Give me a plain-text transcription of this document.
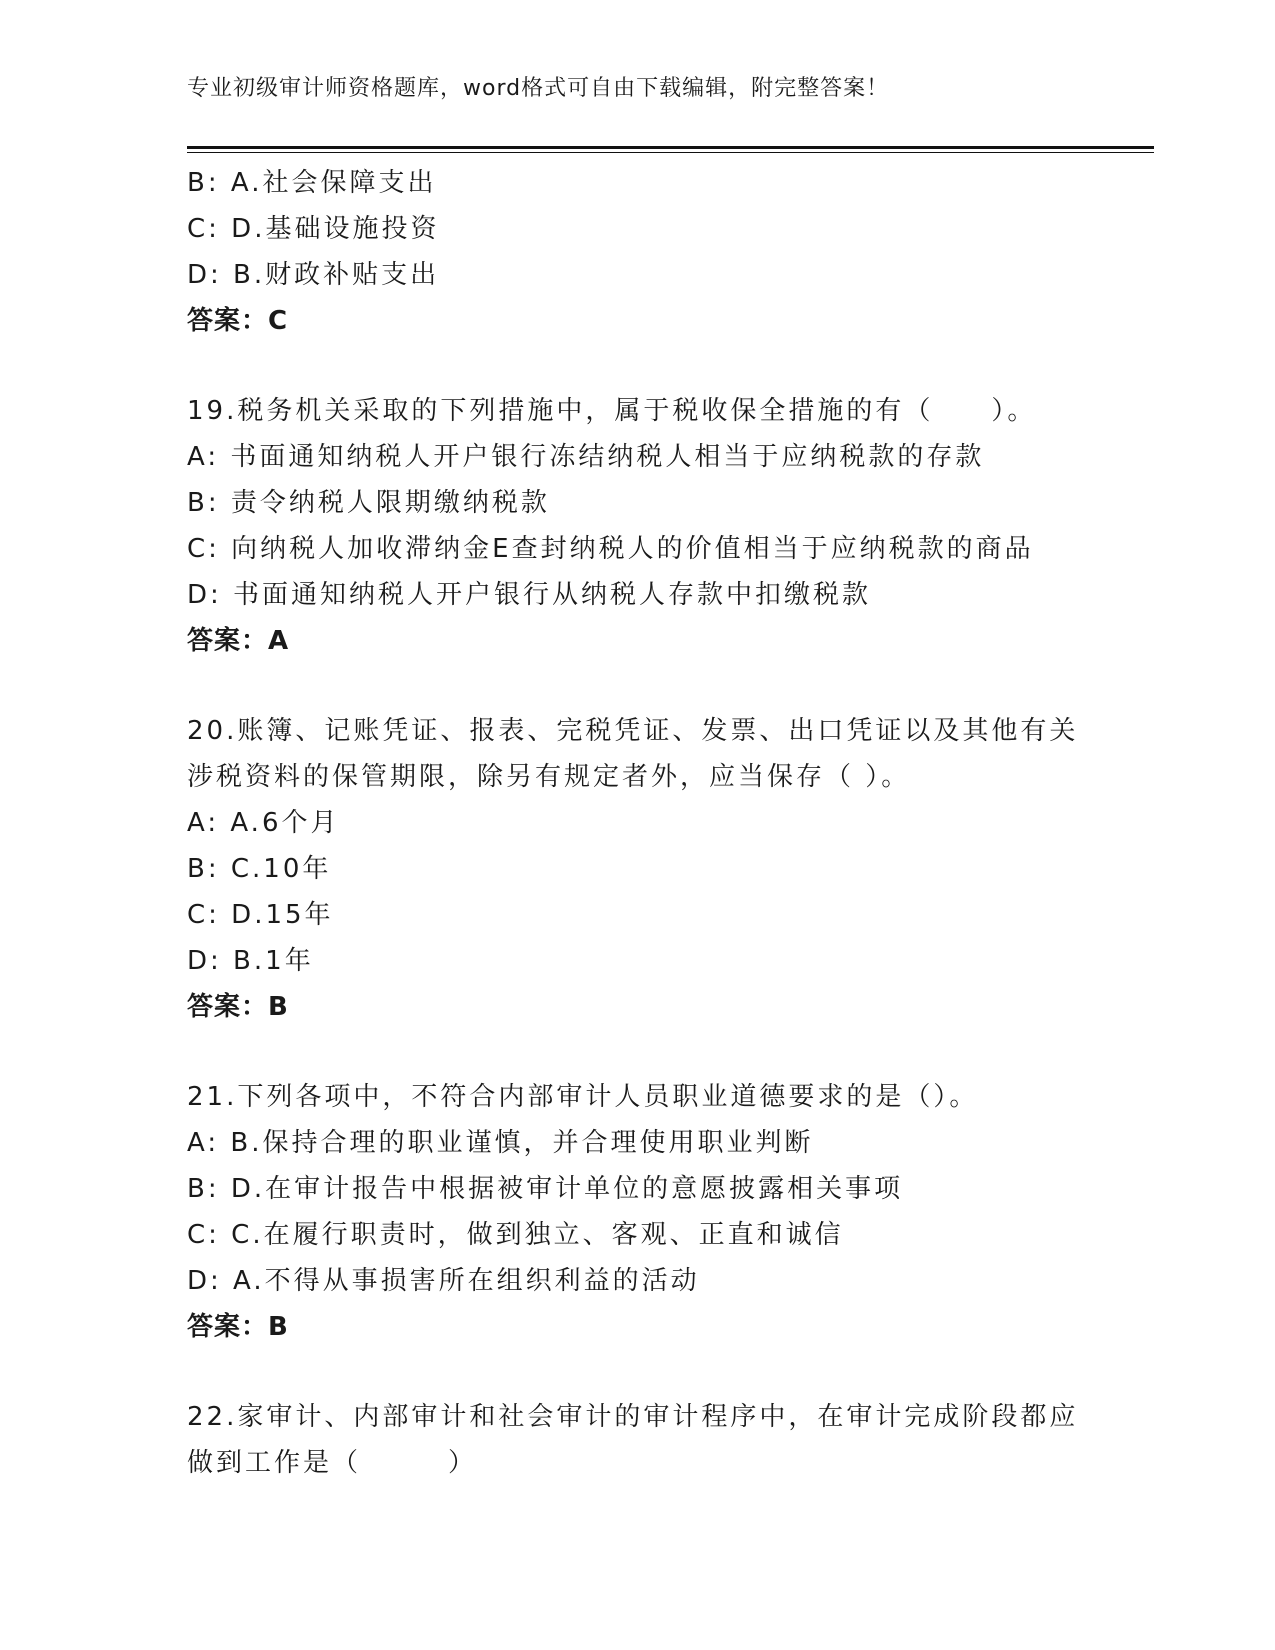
专业初级审计师资格题库，word格式可自由下载编辑，附完整答案！
B: A.社会保障支出
C: D.基础设施投资
D: B.财政补贴支出
答案：C
19.税务机关采取的下列措施中，属于税收保全措施的有（　　）。
A: 书面通知纳税人开户银行冻结纳税人相当于应纳税款的存款
B: 责令纳税人限期缴纳税款
C: 向纳税人加收滞纳金E查封纳税人的价值相当于应纳税款的商品
D: 书面通知纳税人开户银行从纳税人存款中扣缴税款
答案：A
20.账簿、记账凭证、报表、完税凭证、发票、出口凭证以及其他有关
涉税资料的保管期限，除另有规定者外，应当保存（ ）。
A: A.6个月
B: C.10年
C: D.15年
D: B.1年
答案：B
21.下列各项中，不符合内部审计人员职业道德要求的是（）。
A: B.保持合理的职业谨慎，并合理使用职业判断
B: D.在审计报告中根据被审计单位的意愿披露相关事项
C: C.在履行职责时，做到独立、客观、正直和诚信
D: A.不得从事损害所在组织利益的活动
答案：B
22.家审计、内部审计和社会审计的审计程序中，在审计完成阶段都应
做到工作是（　　　）
